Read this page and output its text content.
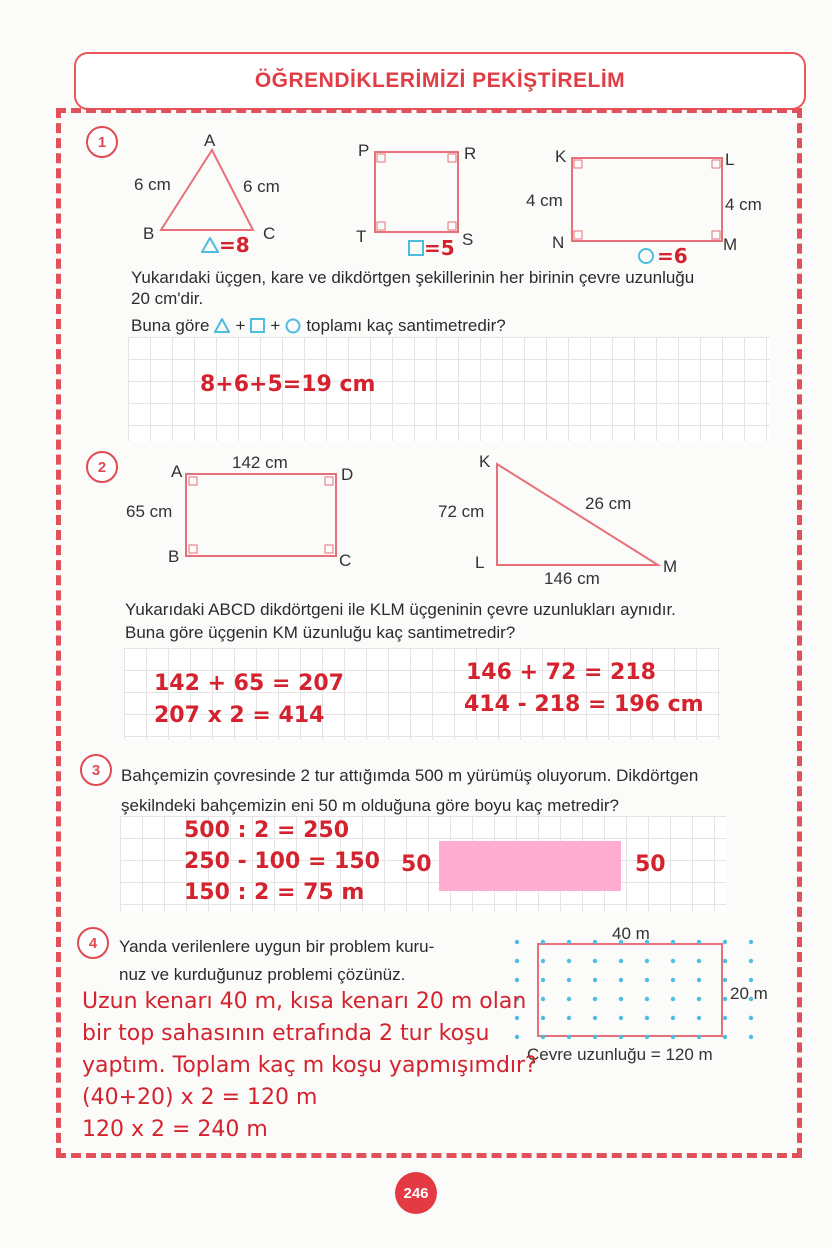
ÖĞRENDİKLERİMİZİ PEKİŞTİRELİM
1	A
B	C
6 cm	6 cm
=8
P	R
T	S
=5
K	L
N	M
4 cm	4 cm
=6
Yukarıdaki üçgen, kare ve dikdörtgen şekillerinin her birinin çevre uzunluğu
20 cm'dir.
Buna göre + + toplamı kaç santimetredir?
8+6+5=19 cm
2	A	D
B	C
142 cm
65 cm
K
L	M
72 cm	26 cm
146 cm
Yukarıdaki ABCD dikdörtgeni ile KLM üçgeninin çevre uzunlukları aynıdır.
Buna göre üçgenin KM üzunluğu kaç santimetredir?
142 + 65 = 207
207 x 2 = 414
146 + 72 = 218
414 - 218 = 196 cm
3	Bahçemizin çovresinde 2 tur attığımda 500 m yürümüş oluyorum. Dikdörtgen
şekilndeki bahçemizin eni 50 m olduğuna göre boyu kaç metredir?
500 : 2 = 250
250 - 100 = 150
150 : 2 = 75 m
50	50
4	Yanda verilenlere uygun bir problem kuru-
nuz ve kurduğunuz problemi çözünüz.
40 m
20 m
Çevre uzunluğu = 120 m
Uzun kenarı 40 m, kısa kenarı 20 m olan
bir top sahasının etrafında 2 tur koşu
yaptım. Toplam kaç m koşu yapmışımdır?
(40+20) x 2 = 120 m
120 x 2 = 240 m
246
